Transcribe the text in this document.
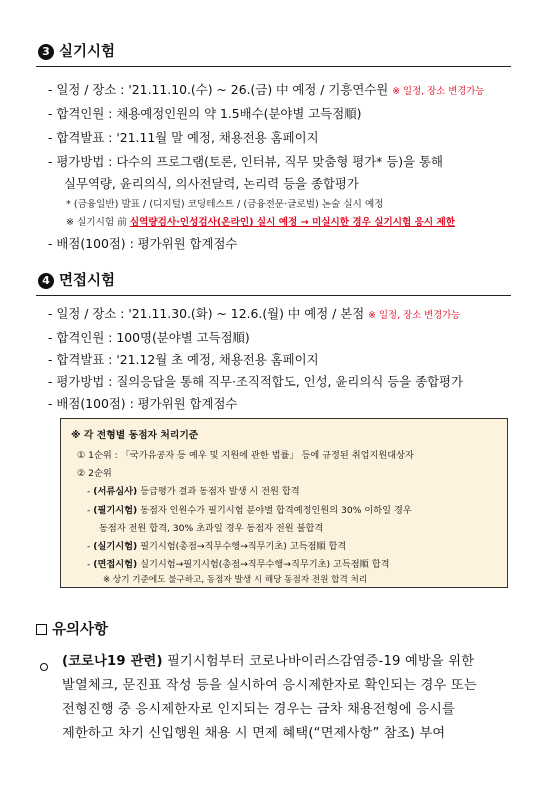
3 실기시험
- 일정 / 장소 : '21.11.10.(수) ~ 26.(금) 中 예정 / 기흥연수원 ※ 일정, 장소 변경가능
- 합격인원 : 채용예정인원의 약 1.5배수(분야별 고득점順)
- 합격발표 : '21.11월 말 예정, 채용전용 홈페이지
- 평가방법 : 다수의 프로그램(토론, 인터뷰, 직무 맞춤형 평가* 등)을 통해
실무역량, 윤리의식, 의사전달력, 논리력 등을 종합평가
* (금융일반) 발표 / (디지털) 코딩테스트 / (금융전문·글로벌) 논술 실시 예정
※ 실기시험 前 심역량검사·인성검사(온라인) 실시 예정 → 미실시한 경우 실기시험 응시 제한
- 배점(100점) : 평가위원 합계점수
4 면접시험
- 일정 / 장소 : '21.11.30.(화) ~ 12.6.(월) 中 예정 / 본점 ※ 일정, 장소 변경가능
- 합격인원 : 100명(분야별 고득점順)
- 합격발표 : '21.12월 초 예정, 채용전용 홈페이지
- 평가방법 : 질의응답을 통해 직무·조직적합도, 인성, 윤리의식 등을 종합평가
- 배점(100점) : 평가위원 합계점수
※ 각 전형별 동점자 처리기준
① 1순위 : 「국가유공자 등 예우 및 지원에 관한 법률」 등에 규정된 취업지원대상자
② 2순위
- (서류심사) 등급평가 결과 동점자 발생 시 전원 합격
- (필기시험) 동점자 인원수가 필기시험 분야별 합격예정인원의 30% 이하일 경우
동점자 전원 합격, 30% 초과일 경우 동점자 전원 불합격
- (실기시험) 필기시험(총점→직무수행→직무기초) 고득점順 합격
- (면접시험) 실기시험→필기시험(총점→직무수행→직무기초) 고득점順 합격
※ 상기 기준에도 불구하고, 동점자 발생 시 해당 동점자 전원 합격 처리
유의사항
(코로나19 관련) 필기시험부터 코로나바이러스감염증-19 예방을 위한
발열체크, 문진표 작성 등을 실시하여 응시제한자로 확인되는 경우 또는
전형진행 중 응시제한자로 인지되는 경우는 금차 채용전형에 응시를
제한하고 차기 신입행원 채용 시 면제 혜택(“면제사항” 참조) 부여
